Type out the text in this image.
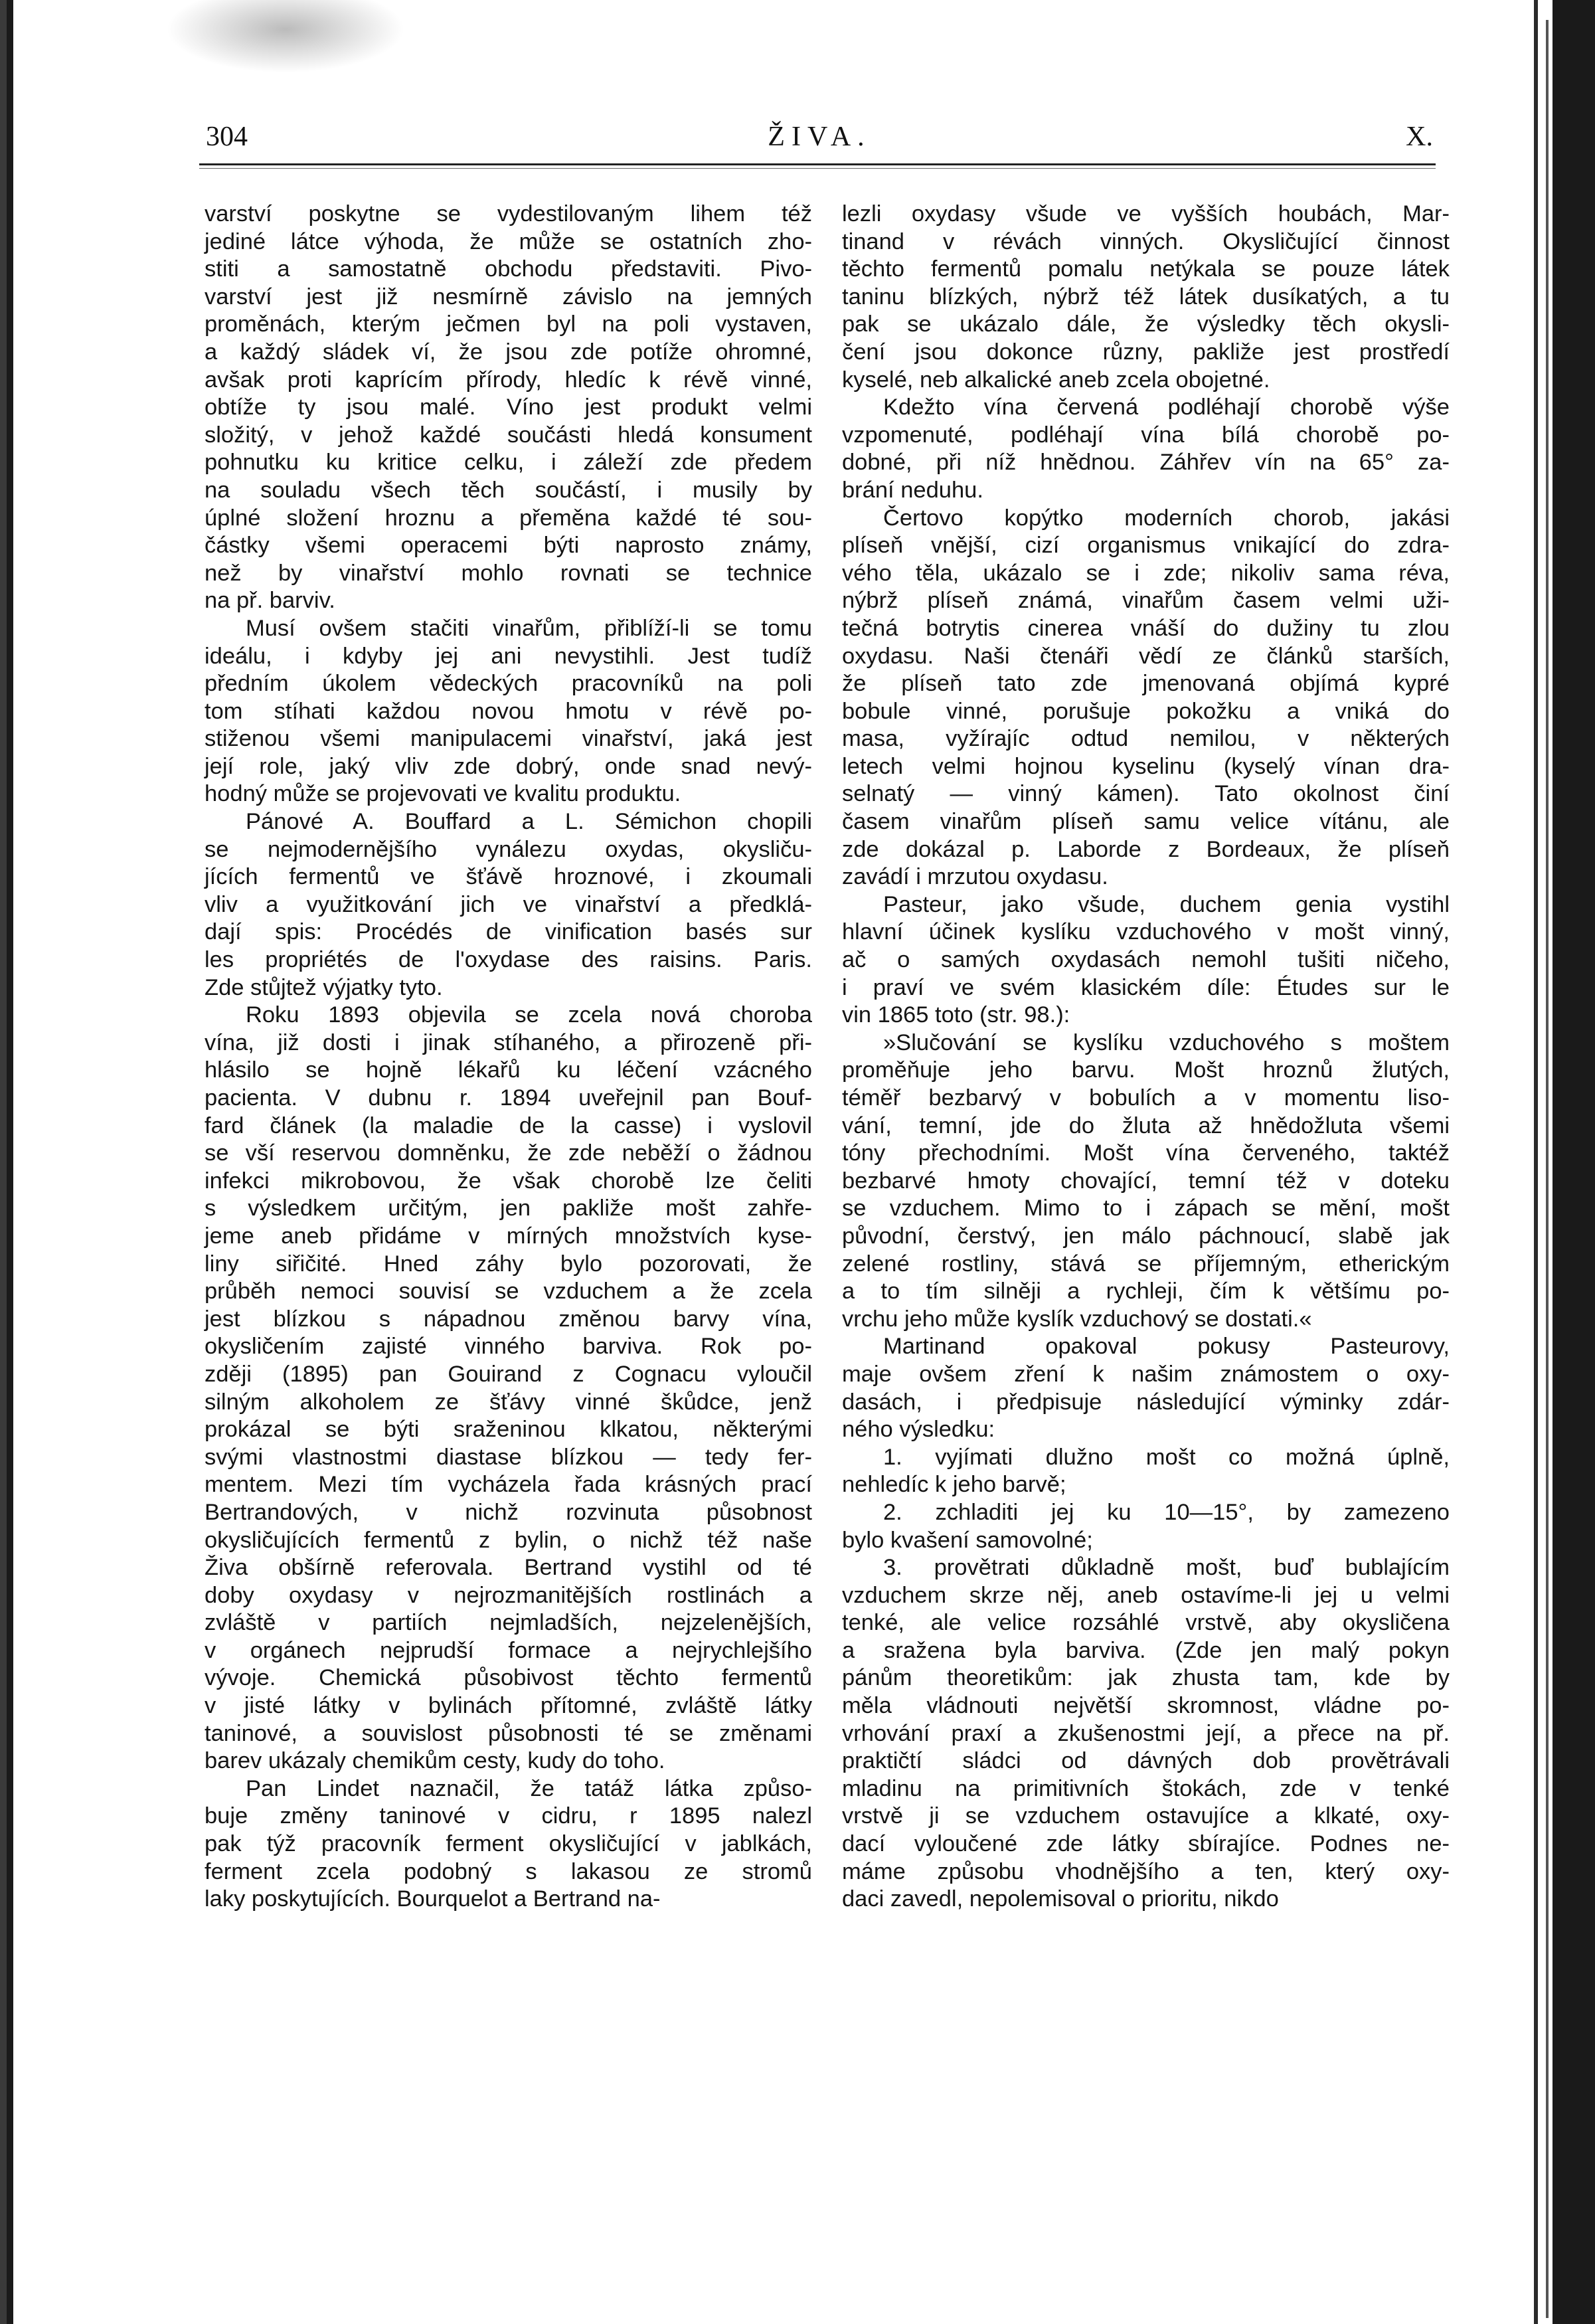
304	ŽIVA.	X.

varství poskytne se vydestilovaným lihem též

jediné látce výhoda, že může se ostatních zho-

stiti a samostatně obchodu představiti. Pivo-

varství jest již nesmírně závislo na jemných

proměnách, kterým ječmen byl na poli vystaven,

a každý sládek ví, že jsou zde potíže ohromné,

avšak proti kaprícím přírody, hledíc k révě vinné,

obtíže ty jsou malé. Víno jest produkt velmi

složitý, v jehož každé součásti hledá konsument

pohnutku ku kritice celku, i záleží zde předem

na souladu všech těch součástí, i musily by

úplné složení hroznu a přeměna každé té sou-

částky všemi operacemi býti naprosto známy,

než by vinařství mohlo rovnati se technice

na př. barviv.

Musí ovšem stačiti vinařům, přiblíží-li se tomu

ideálu, i kdyby jej ani nevystihli. Jest tudíž

předním úkolem vědeckých pracovníků na poli

tom stíhati každou novou hmotu v révě po-

stiženou všemi manipulacemi vinařství, jaká jest

její role, jaký vliv zde dobrý, onde snad nevý-

hodný může se projevovati ve kvalitu produktu.

Pánové A. Bouffard a L. Sémichon chopili

se nejmodernějšího vynálezu oxydas, okysliču-

jících fermentů ve šťávě hroznové, i zkoumali

vliv a využitkování jich ve vinařství a předklá-

dají spis: Procédés de vinification basés sur

les propriétés de l'oxydase des raisins. Paris.

Zde stůjtež výjatky tyto.

Roku 1893 objevila se zcela nová choroba

vína, již dosti i jinak stíhaného, a přirozeně při-

hlásilo se hojně lékařů ku léčení vzácného

pacienta. V dubnu r. 1894 uveřejnil pan Bouf-

fard článek (la maladie de la casse) i vyslovil

se vší reservou domněnku, že zde neběží o žádnou

infekci mikrobovou, že však chorobě lze čeliti

s výsledkem určitým, jen pakliže mošt zahře-

jeme aneb přidáme v mírných množstvích kyse-

liny siřičité. Hned záhy bylo pozorovati, že

průběh nemoci souvisí se vzduchem a že zcela

jest blízkou s nápadnou změnou barvy vína,

okysličením zajisté vinného barviva. Rok po-

zději (1895) pan Gouirand z Cognacu vyloučil

silným alkoholem ze šťávy vinné škůdce, jenž

prokázal se býti sraženinou klkatou, některými

svými vlastnostmi diastase blízkou — tedy fer-

mentem. Mezi tím vycházela řada krásných prací

Bertrandových, v nichž rozvinuta působnost

okysličujících fermentů z bylin, o nichž též naše

Živa obšírně referovala. Bertrand vystihl od té

doby oxydasy v nejrozmanitějších rostlinách a

zvláště v partiích nejmladších, nejzelenějších,

v orgánech nejprudší formace a nejrychlejšího

vývoje. Chemická působivost těchto fermentů

v jisté látky v bylinách přítomné, zvláště látky

taninové, a souvislost působnosti té se změnami

barev ukázaly chemikům cesty, kudy do toho.

Pan Lindet naznačil, že tatáž látka způso-

buje změny taninové v cidru, r 1895 nalezl

pak týž pracovník ferment okysličující v jablkách,

ferment zcela podobný s lakasou ze stromů

laky poskytujících. Bourquelot a Bertrand na-

lezli oxydasy všude ve vyšších houbách, Mar-

tinand v révách vinných. Okysličující činnost

těchto fermentů pomalu netýkala se pouze látek

taninu blízkých, nýbrž též látek dusíkatých, a tu

pak se ukázalo dále, že výsledky těch okysli-

čení jsou dokonce různy, pakliže jest prostředí

kyselé, neb alkalické aneb zcela obojetné.

Kdežto vína červená podléhají chorobě výše

vzpomenuté, podléhají vína bílá chorobě po-

dobné, při níž hnědnou. Záhřev vín na 65° za-

brání neduhu.

Čertovo kopýtko moderních chorob, jakási

plíseň vnější, cizí organismus vnikající do zdra-

vého těla, ukázalo se i zde; nikoliv sama réva,

nýbrž plíseň známá, vinařům časem velmi uži-

tečná botrytis cinerea vnáší do dužiny tu zlou

oxydasu. Naši čtenáři vědí ze článků starších,

že plíseň tato zde jmenovaná objímá kypré

bobule vinné, porušuje pokožku a vniká do

masa, vyžírajíc odtud nemilou, v některých

letech velmi hojnou kyselinu (kyselý vínan dra-

selnatý — vinný kámen). Tato okolnost činí

časem vinařům plíseň samu velice vítánu, ale

zde dokázal p. Laborde z Bordeaux, že plíseň

zavádí i mrzutou oxydasu.

Pasteur, jako všude, duchem genia vystihl

hlavní účinek kyslíku vzduchového v mošt vinný,

ač o samých oxydasách nemohl tušiti ničeho,

i praví ve svém klasickém díle: Études sur le

vin 1865 toto (str. 98.):

»Slučování se kyslíku vzduchového s moštem

proměňuje jeho barvu. Mošt hroznů žlutých,

téměř bezbarvý v bobulích a v momentu liso-

vání, temní, jde do žluta až hnědožluta všemi

tóny přechodními. Mošt vína červeného, taktéž

bezbarvé hmoty chovající, temní též v doteku

se vzduchem. Mimo to i zápach se mění, mošt

původní, čerstvý, jen málo páchnoucí, slabě jak

zelené rostliny, stává se příjemným, etherickým

a to tím silněji a rychleji, čím k většímu po-

vrchu jeho může kyslík vzduchový se dostati.«

Martinand opakoval pokusy Pasteurovy,

maje ovšem zření k našim známostem o oxy-

dasách, i předpisuje následující výminky zdár-

ného výsledku:

1. vyjímati dlužno mošt co možná úplně,

nehledíc k jeho barvě;

2. zchladiti jej ku 10—15°, by zamezeno

bylo kvašení samovolné;

3. provětrati důkladně mošt, buď bublajícím

vzduchem skrze něj, aneb ostavíme-li jej u velmi

tenké, ale velice rozsáhlé vrstvě, aby okysličena

a sražena byla barviva. (Zde jen malý pokyn

pánům theoretikům: jak zhusta tam, kde by

měla vládnouti největší skromnost, vládne po-

vrhování praxí a zkušenostmi její, a přece na př.

praktičtí sládci od dávných dob provětrávali

mladinu na primitivních štokách, zde v tenké

vrstvě ji se vzduchem ostavujíce a klkaté, oxy-

dací vyloučené zde látky sbírajíce. Podnes ne-

máme způsobu vhodnějšího a ten, který oxy-

daci zavedl, nepolemisoval o prioritu, nikdo
